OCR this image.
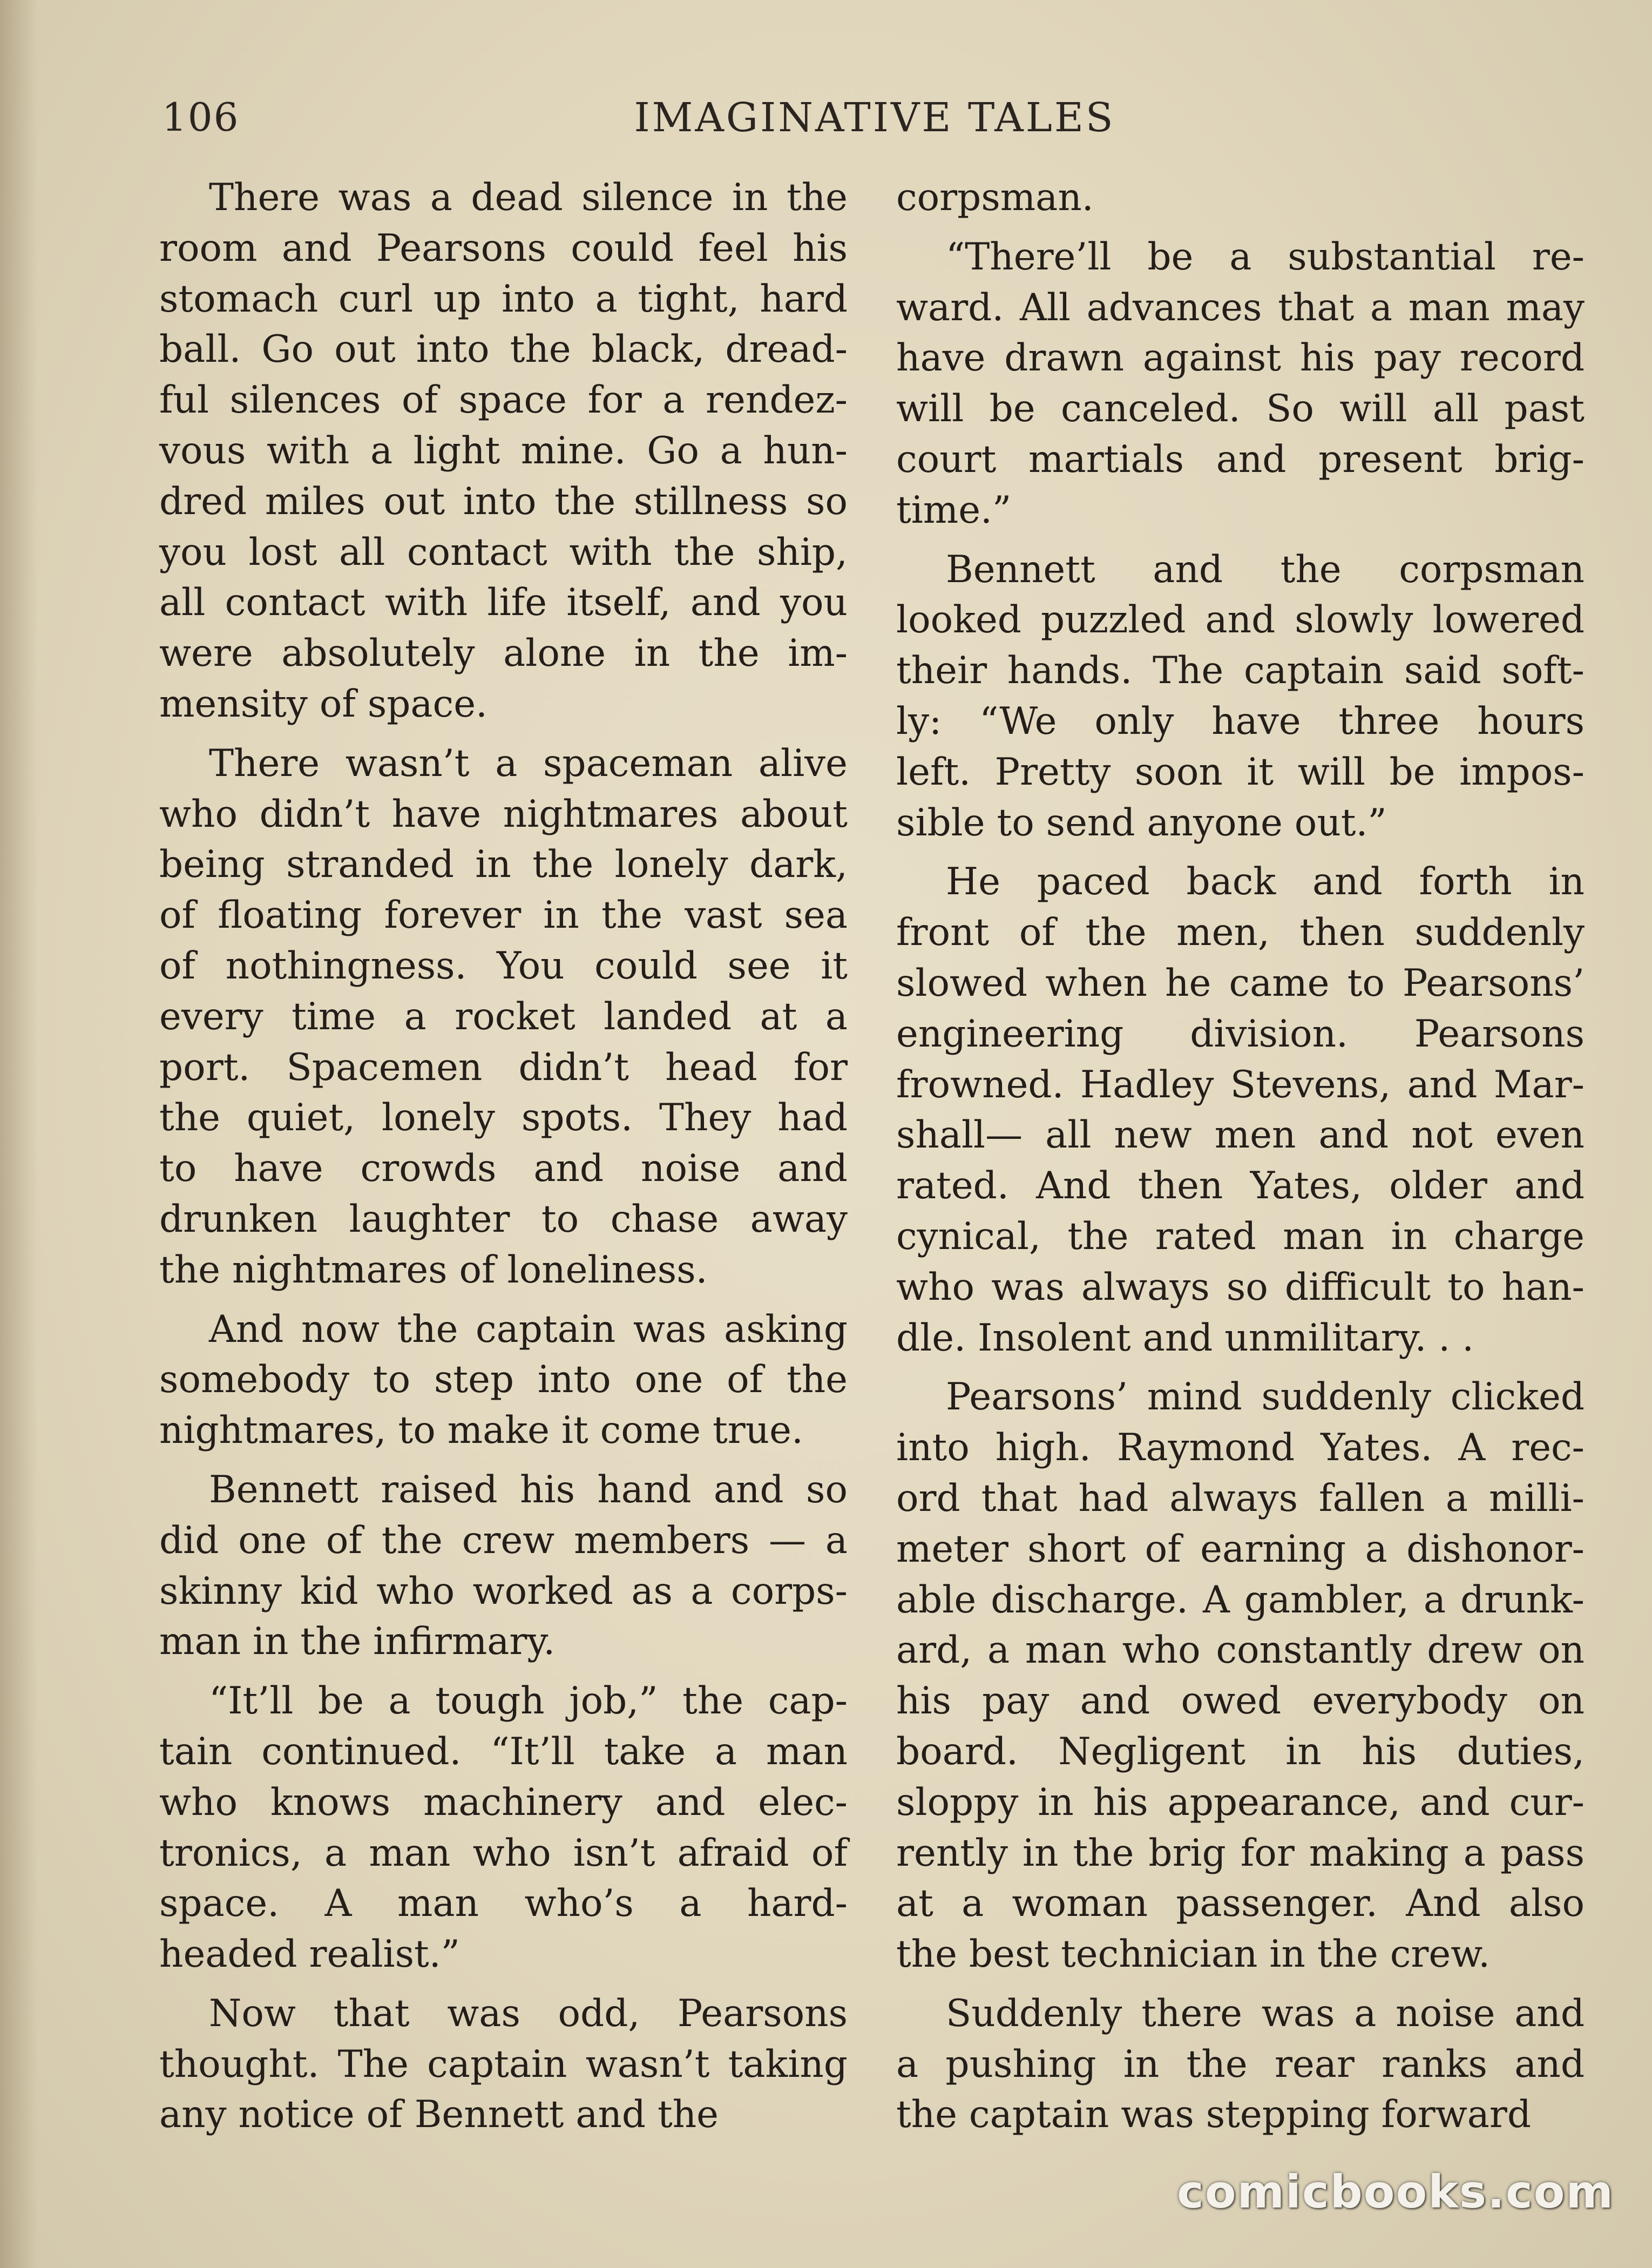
106	IMAGINATIVE TALES
There was a dead silence in the
room and Pearsons could feel his
stomach curl up into a tight, hard
ball. Go out into the black, dread-
ful silences of space for a rendez-
vous with a light mine. Go a hun-
dred miles out into the stillness so
you lost all contact with the ship,
all contact with life itself, and you
were absolutely alone in the im-
mensity of space.
There wasn’t a spaceman alive
who didn’t have nightmares about
being stranded in the lonely dark,
of floating forever in the vast sea
of nothingness. You could see it
every time a rocket landed at a
port. Spacemen didn’t head for
the quiet, lonely spots. They had
to have crowds and noise and
drunken laughter to chase away
the nightmares of loneliness.
And now the captain was asking
somebody to step into one of the
nightmares, to make it come true.
Bennett raised his hand and so
did one of the crew members — a
skinny kid who worked as a corps-
man in the infirmary.
“It’ll be a tough job,” the cap-
tain continued. “It’ll take a man
who knows machinery and elec-
tronics, a man who isn’t afraid of
space. A man who’s a hard-
headed realist.”
Now that was odd, Pearsons
thought. The captain wasn’t taking
any notice of Bennett and the
corpsman.
“There’ll be a substantial re-
ward. All advances that a man may
have drawn against his pay record
will be canceled. So will all past
court martials and present brig-
time.”
Bennett and the corpsman
looked puzzled and slowly lowered
their hands. The captain said soft-
ly: “We only have three hours
left. Pretty soon it will be impos-
sible to send anyone out.”
He paced back and forth in
front of the men, then suddenly
slowed when he came to Pearsons’
engineering division. Pearsons
frowned. Hadley Stevens, and Mar-
shall— all new men and not even
rated. And then Yates, older and
cynical, the rated man in charge
who was always so difficult to han-
dle. Insolent and unmilitary. . .
Pearsons’ mind suddenly clicked
into high. Raymond Yates. A rec-
ord that had always fallen a milli-
meter short of earning a dishonor-
able discharge. A gambler, a drunk-
ard, a man who constantly drew on
his pay and owed everybody on
board. Negligent in his duties,
sloppy in his appearance, and cur-
rently in the brig for making a pass
at a woman passenger. And also
the best technician in the crew.
Suddenly there was a noise and
a pushing in the rear ranks and
the captain was stepping forward
comicbooks.com
